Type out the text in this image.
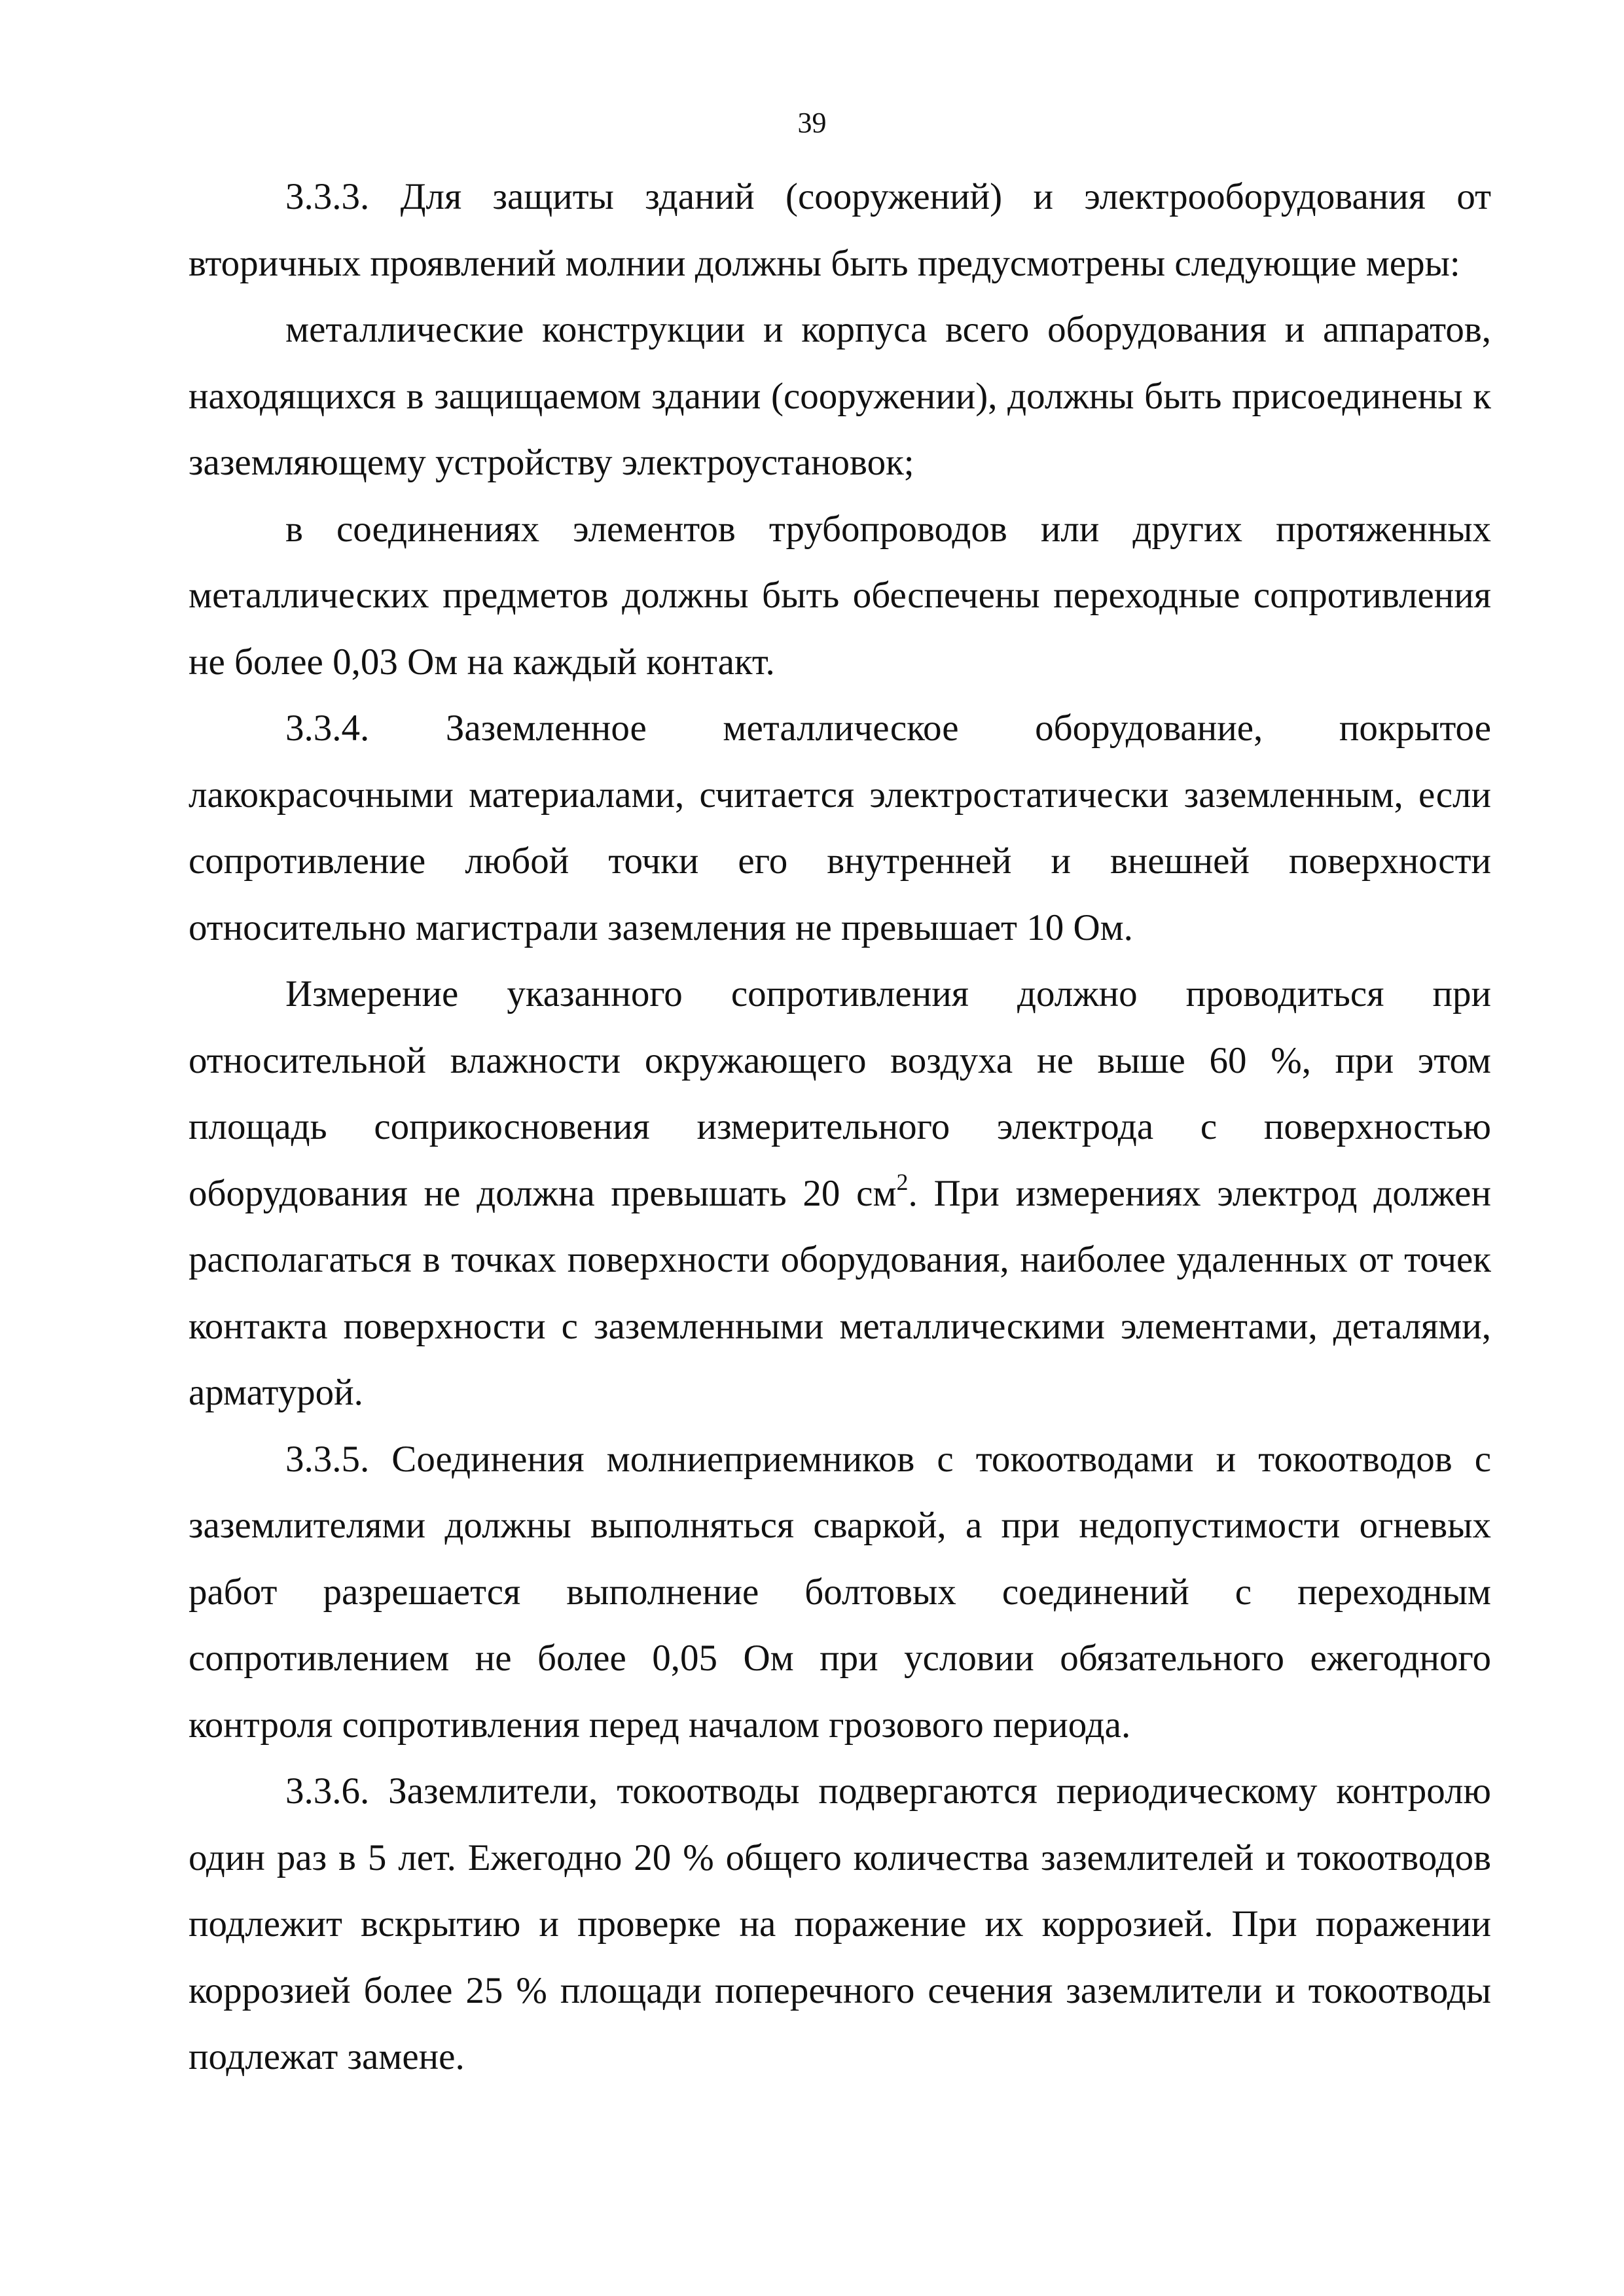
39

3.3.3. Для защиты зданий (сооружений) и электрооборудования от вторичных проявлений молнии должны быть предусмотрены следующие меры:

металлические конструкции и корпуса всего оборудования и аппаратов, находящихся в защищаемом здании (сооружении), должны быть присоединены к заземляющему устройству электроустановок;

в соединениях элементов трубопроводов или других протяженных металлических предметов должны быть обеспечены переходные сопротивления не более 0,03 Ом на каждый контакт.

3.3.4. Заземленное металлическое оборудование, покрытое лакокрасочными материалами, считается электростатически заземленным, если сопротивление любой точки его внутренней и внешней поверхности относительно магистрали заземления не превышает 10 Ом.

Измерение указанного сопротивления должно проводиться при относительной влажности окружающего воздуха не выше 60 %, при этом площадь соприкосновения измерительного электрода с поверхностью оборудования не должна превышать 20 $см^2$. При измерениях электрод должен располагаться в точках поверхности оборудования, наиболее удаленных от точек контакта поверхности с заземленными металлическими элементами, деталями, арматурой.

3.3.5. Соединения молниеприемников с токоотводами и токоотводов с заземлителями должны выполняться сваркой, а при недопустимости огневых работ разрешается выполнение болтовых соединений с переходным сопротивлением не более 0,05 Ом при условии обязательного ежегодного контроля сопротивления перед началом грозового периода.

3.3.6. Заземлители, токоотводы подвергаются периодическому контролю один раз в 5 лет. Ежегодно 20 % общего количества заземлителей и токоотводов подлежит вскрытию и проверке на поражение их коррозией. При поражении коррозией более 25 % площади поперечного сечения заземлители и токоотводы подлежат замене.
